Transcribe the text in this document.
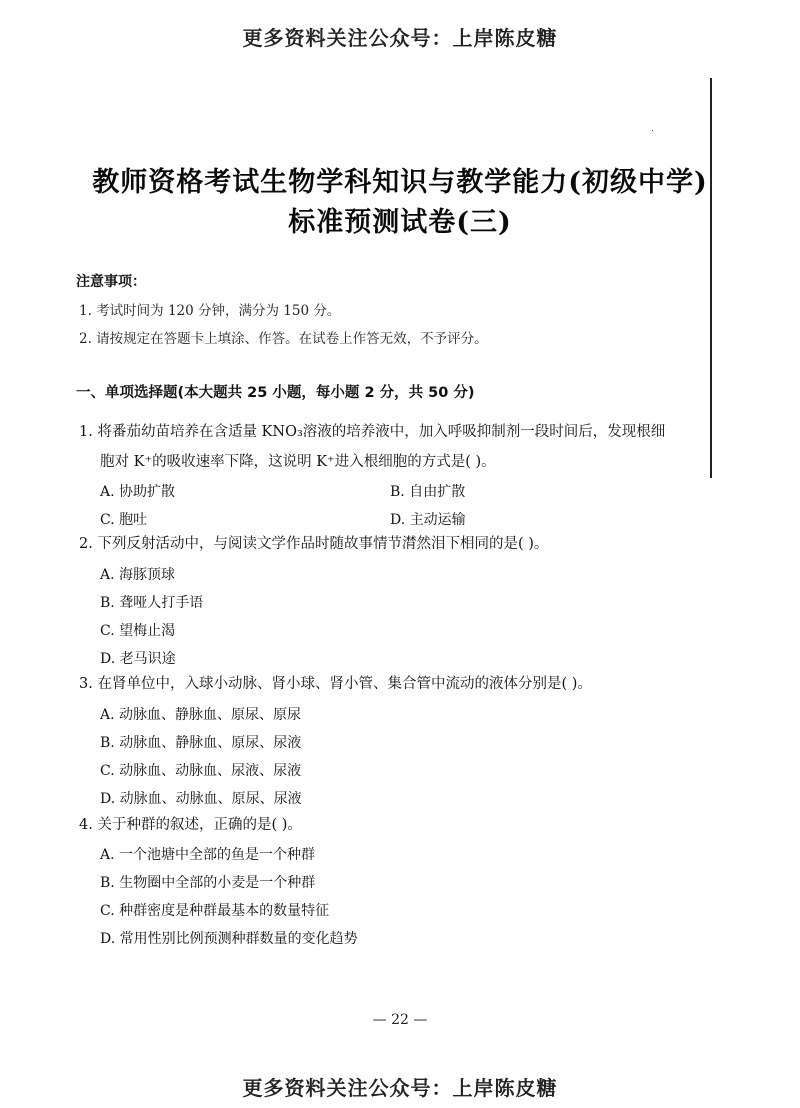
更多资料关注公众号：上岸陈皮糖
更多资料关注公众号：上岸陈皮糖
教师资格考试生物学科知识与教学能力(初级中学)
标准预测试卷(三)
注意事项：
1. 考试时间为 120 分钟，满分为 150 分。
2. 请按规定在答题卡上填涂、作答。在试卷上作答无效，不予评分。
一、单项选择题(本大题共 25 小题，每小题 2 分，共 50 分)
1. 将番茄幼苗培养在含适量 KNO₃溶液的培养液中，加入呼吸抑制剂一段时间后，发现根细
胞对 K⁺的吸收速率下降，这说明 K⁺进入根细胞的方式是( )。
A. 协助扩散	B. 自由扩散
C. 胞吐	D. 主动运输
2. 下列反射活动中，与阅读文学作品时随故事情节潸然泪下相同的是( )。
A. 海豚顶球
B. 聋哑人打手语
C. 望梅止渴
D. 老马识途
3. 在肾单位中，入球小动脉、肾小球、肾小管、集合管中流动的液体分别是( )。
A. 动脉血、静脉血、原尿、原尿
B. 动脉血、静脉血、原尿、尿液
C. 动脉血、动脉血、尿液、尿液
D. 动脉血、动脉血、原尿、尿液
4. 关于种群的叙述，正确的是( )。
A. 一个池塘中全部的鱼是一个种群
B. 生物圈中全部的小麦是一个种群
C. 种群密度是种群最基本的数量特征
D. 常用性别比例预测种群数量的变化趋势
— 22 —
